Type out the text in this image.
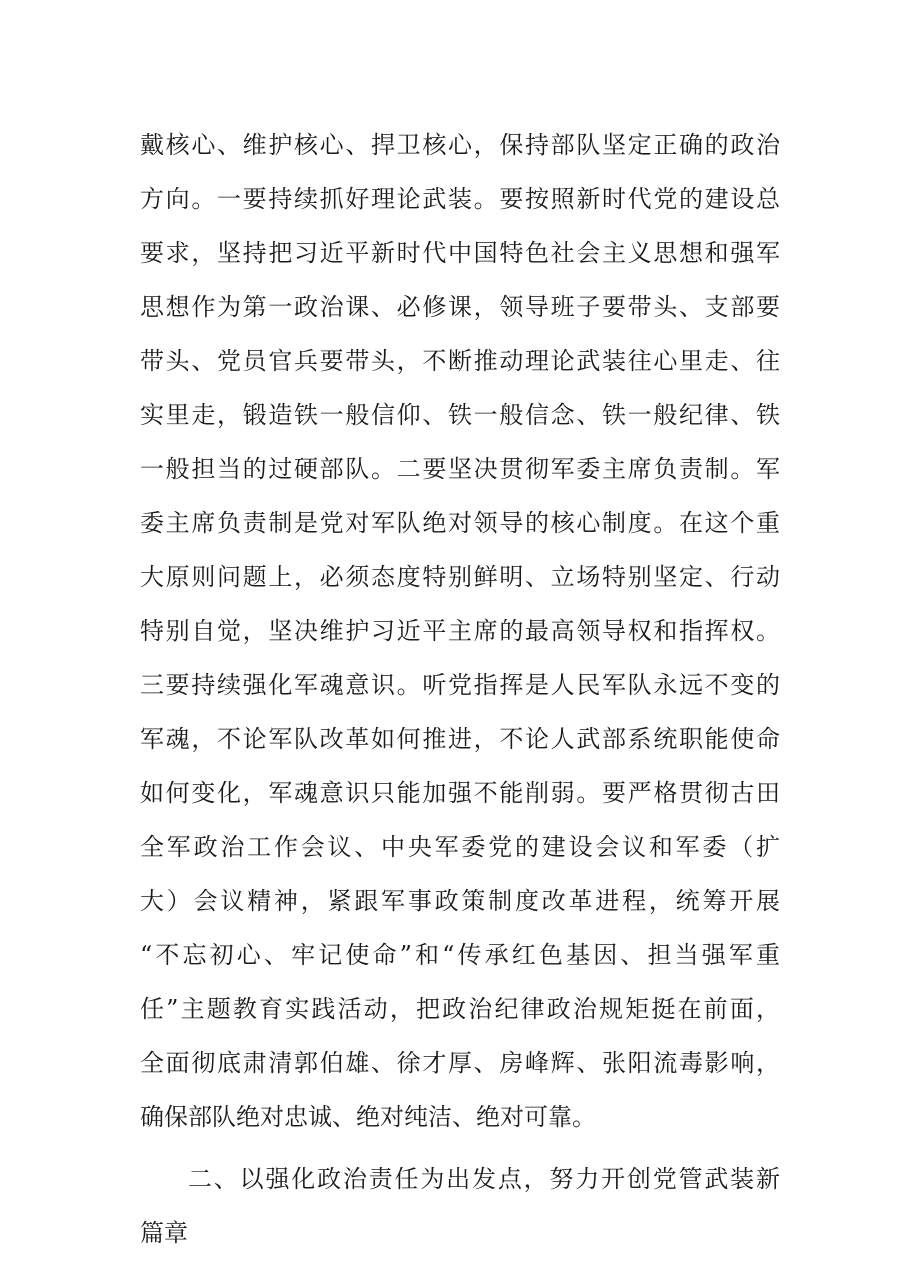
戴核心、维护核心、捍卫核心，保持部队坚定正确的政治
方向。一要持续抓好理论武装。要按照新时代党的建设总
要求，坚持把习近平新时代中国特色社会主义思想和强军
思想作为第一政治课、必修课，领导班子要带头、支部要
带头、党员官兵要带头，不断推动理论武装往心里走、往
实里走，锻造铁一般信仰、铁一般信念、铁一般纪律、铁
一般担当的过硬部队。二要坚决贯彻军委主席负责制。军
委主席负责制是党对军队绝对领导的核心制度。在这个重
大原则问题上，必须态度特别鲜明、立场特别坚定、行动
特别自觉，坚决维护习近平主席的最高领导权和指挥权。
三要持续强化军魂意识。听党指挥是人民军队永远不变的
军魂，不论军队改革如何推进，不论人武部系统职能使命
如何变化，军魂意识只能加强不能削弱。要严格贯彻古田
全军政治工作会议、中央军委党的建设会议和军委（扩
大）会议精神，紧跟军事政策制度改革进程，统筹开展
“不忘初心、牢记使命”和“传承红色基因、担当强军重
任”主题教育实践活动，把政治纪律政治规矩挺在前面，
全面彻底肃清郭伯雄、徐才厚、房峰辉、张阳流毒影响，
确保部队绝对忠诚、绝对纯洁、绝对可靠。
二、以强化政治责任为出发点，努力开创党管武装新
篇章
